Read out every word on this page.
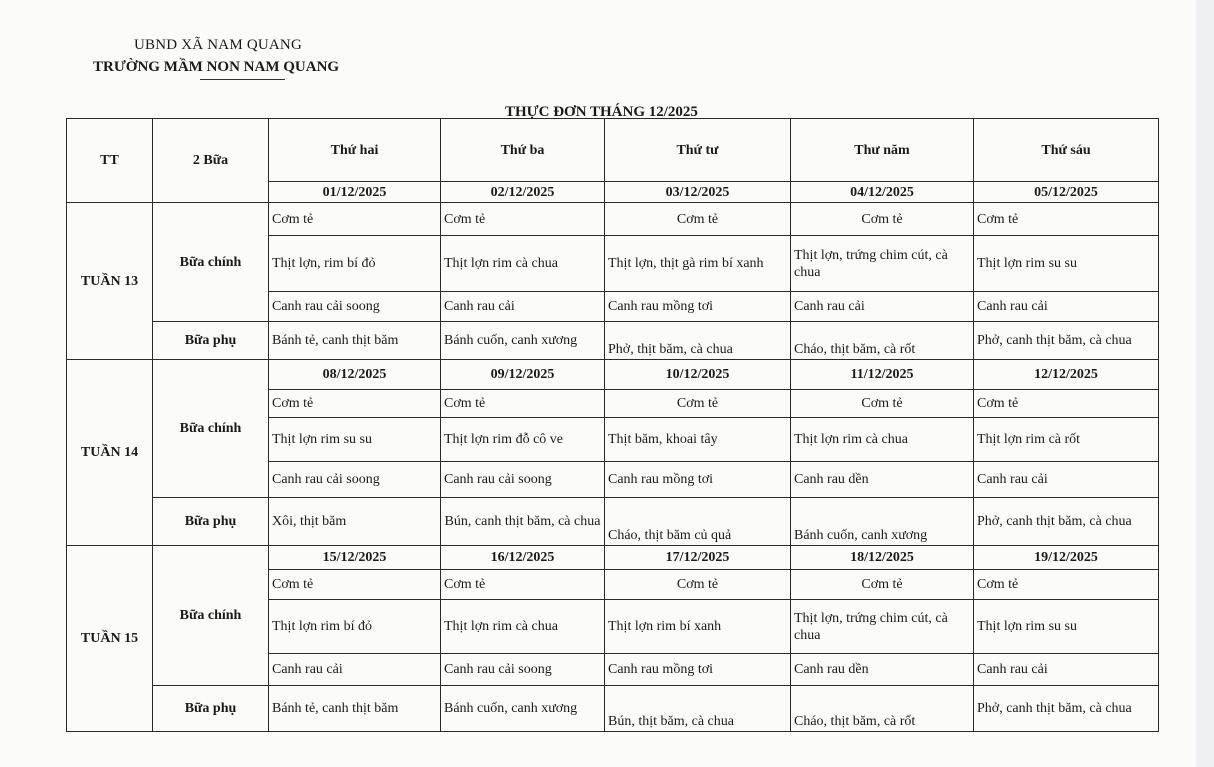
UBND XÃ NAM QUANG
TRƯỜNG MẦM NON NAM QUANG
THỰC ĐƠN THÁNG 12/2025
TT	2 Bữa	Thứ hai	Thứ ba	Thứ tư	Thư năm	Thứ sáu
		01/12/2025	02/12/2025	03/12/2025	04/12/2025	05/12/2025
TUẦN 13	Bữa chính	Cơm tẻ	Cơm tẻ	Cơm tẻ	Cơm tẻ	Cơm tẻ
		Thịt lợn, rim bí đỏ	Thịt lợn rim cà chua	Thịt lợn, thịt gà rim bí xanh	Thịt lợn, trứng chim cút, cà chua	Thịt lợn rim su su
		Canh rau cải soong	Canh rau cải	Canh rau mồng tơi	Canh rau cải	Canh rau cải
	Bữa phụ	Bánh tẻ, canh thịt băm	Bánh cuốn, canh xương	Phở, thịt băm, cà chua	Cháo, thịt băm, cà rốt	Phở, canh thịt băm, cà chua
TUẦN 14	Bữa chính	08/12/2025	09/12/2025	10/12/2025	11/12/2025	12/12/2025
		Cơm tẻ	Cơm tẻ	Cơm tẻ	Cơm tẻ	Cơm tẻ
		Thịt lợn rim su su	Thịt lợn rim đỗ cô ve	Thịt băm, khoai tây	Thịt lợn rim cà chua	Thịt lợn rim cà rốt
		Canh rau cải soong	Canh rau cải soong	Canh rau mồng tơi	Canh rau dền	Canh rau cải
	Bữa phụ	Xôi, thịt băm	Bún, canh thịt băm, cà chua	Cháo, thịt băm củ quả	Bánh cuốn, canh xương	Phở, canh thịt băm, cà chua
TUẦN 15	Bữa chính	15/12/2025	16/12/2025	17/12/2025	18/12/2025	19/12/2025
		Cơm tẻ	Cơm tẻ	Cơm tẻ	Cơm tẻ	Cơm tẻ
		Thịt lợn rim bí đỏ	Thịt lợn rim cà chua	Thịt lợn rim bí xanh	Thịt lợn, trứng chim cút, cà chua	Thịt lợn rim su su
		Canh rau cải	Canh rau cải soong	Canh rau mồng tơi	Canh rau dền	Canh rau cải
	Bữa phụ	Bánh tẻ, canh thịt băm	Bánh cuốn, canh xương	Bún, thịt băm, cà chua	Cháo, thịt băm, cà rốt	Phở, canh thịt băm, cà chua
